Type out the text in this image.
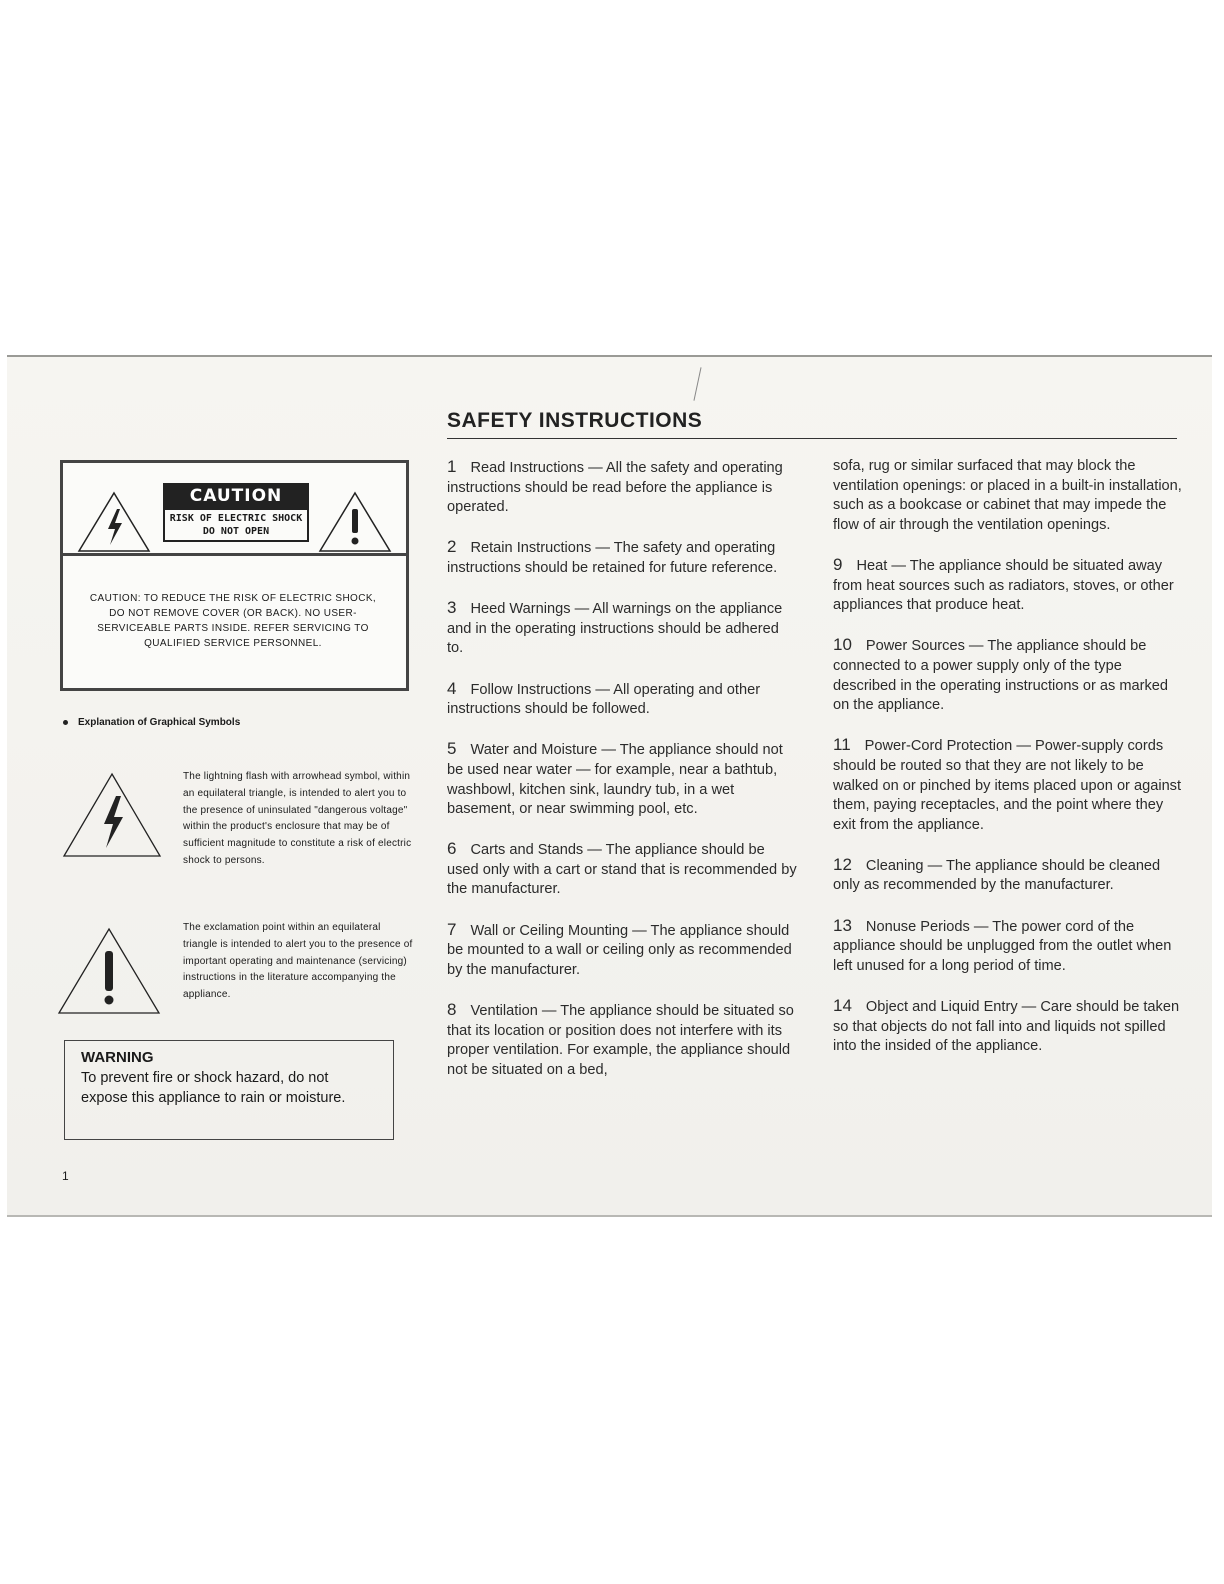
CAUTION
RISK OF ELECTRIC SHOCK
DO NOT OPEN
CAUTION: TO REDUCE THE RISK OF ELECTRIC SHOCK, DO NOT REMOVE COVER (OR BACK). NO USER-SERVICEABLE PARTS INSIDE. REFER SERVICING TO QUALIFIED SERVICE PERSONNEL.
Explanation of Graphical Symbols
The lightning flash with arrowhead symbol, within an equilateral triangle, is intended to alert you to the presence of uninsulated "dangerous voltage" within the product's enclosure that may be of sufficient magnitude to constitute a risk of electric shock to persons.
The exclamation point within an equilateral triangle is intended to alert you to the presence of important operating and maintenance (servicing) instructions in the literature accompanying the appliance.
WARNING
To prevent fire or shock hazard, do not expose this appliance to rain or moisture.
1
SAFETY INSTRUCTIONS
1 Read Instructions — All the safety and operating instructions should be read before the appliance is operated.
2 Retain Instructions — The safety and operating instructions should be retained for future reference.
3 Heed Warnings — All warnings on the appliance and in the operating instructions should be adhered to.
4 Follow Instructions — All operating and other instructions should be followed.
5 Water and Moisture — The appliance should not be used near water — for example, near a bathtub, washbowl, kitchen sink, laundry tub, in a wet basement, or near swimming pool, etc.
6 Carts and Stands — The appliance should be used only with a cart or stand that is recommended by the manufacturer.
7 Wall or Ceiling Mounting — The appliance should be mounted to a wall or ceiling only as recommended by the manufacturer.
8 Ventilation — The appliance should be situated so that its location or position does not interfere with its proper ventilation. For example, the appliance should not be situated on a bed,
sofa, rug or similar surfaced that may block the ventilation openings: or placed in a built-in installation, such as a bookcase or cabinet that may impede the flow of air through the ventilation openings.
9 Heat — The appliance should be situated away from heat sources such as radiators, stoves, or other appliances that produce heat.
10 Power Sources — The appliance should be connected to a power supply only of the type described in the operating instructions or as marked on the appliance.
11 Power-Cord Protection — Power-supply cords should be routed so that they are not likely to be walked on or pinched by items placed upon or against them, paying receptacles, and the point where they exit from the appliance.
12 Cleaning — The appliance should be cleaned only as recommended by the manufacturer.
13 Nonuse Periods — The power cord of the appliance should be unplugged from the outlet when left unused for a long period of time.
14 Object and Liquid Entry — Care should be taken so that objects do not fall into and liquids not spilled into the insided of the appliance.
